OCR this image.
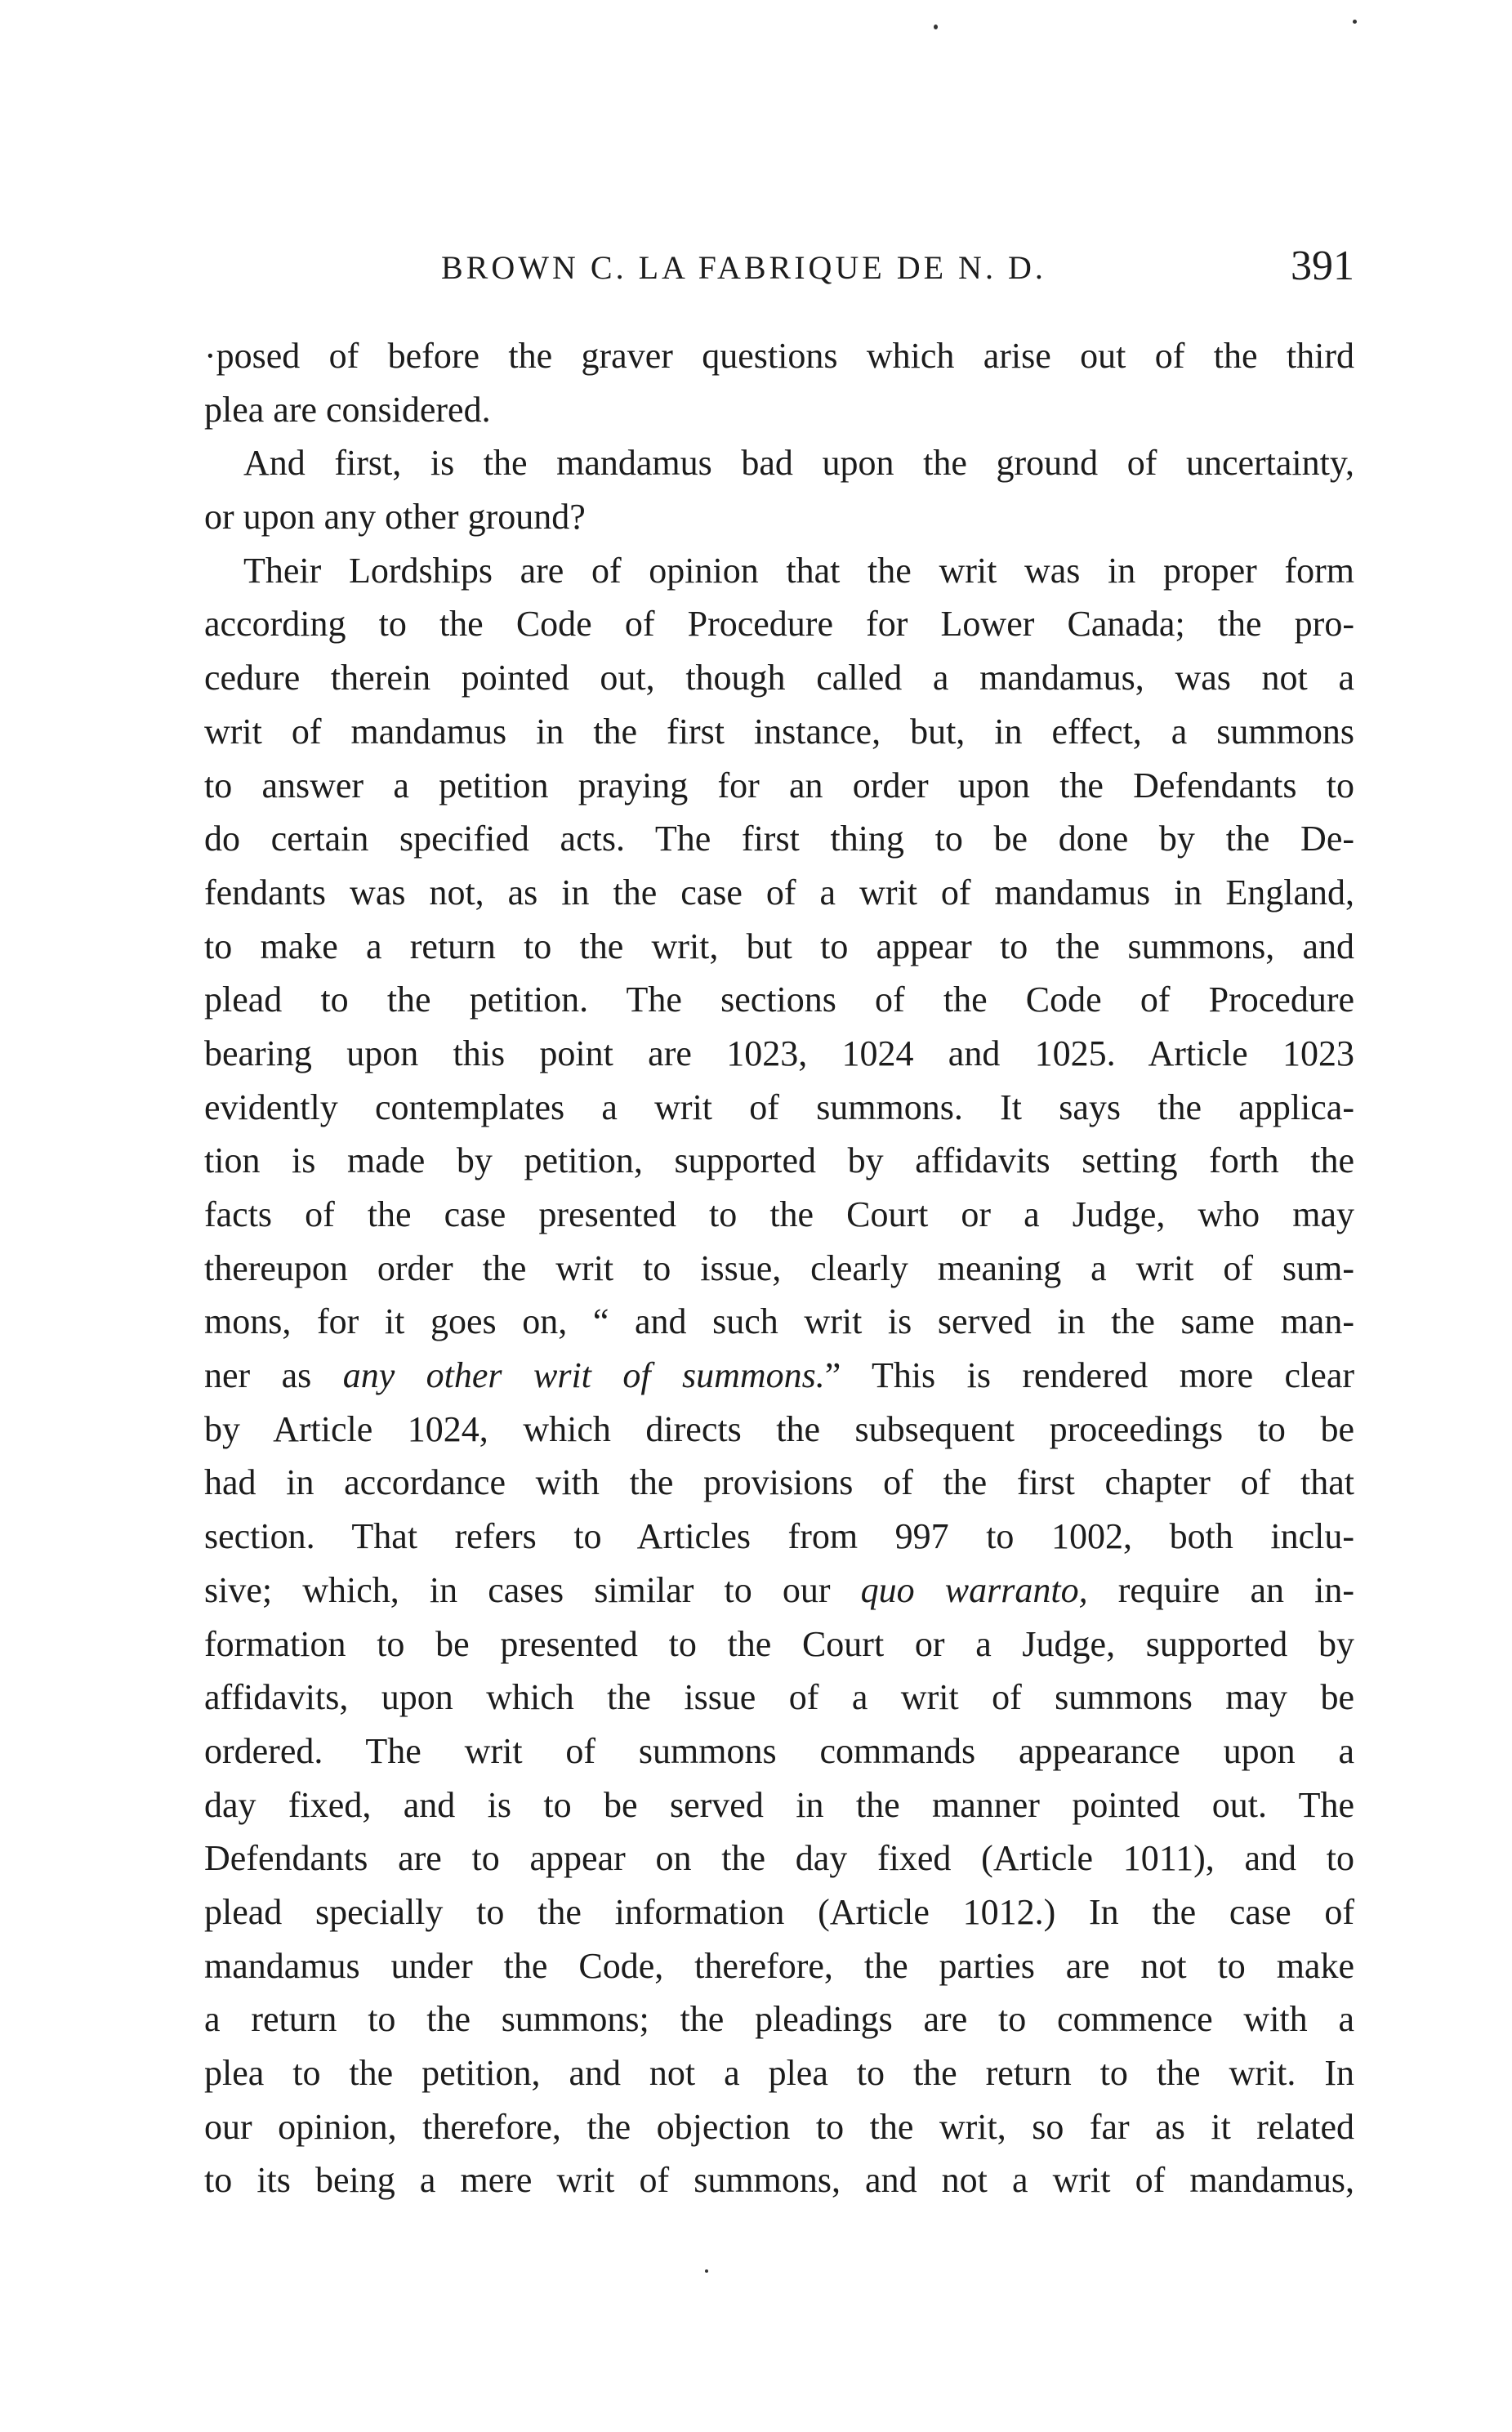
BROWN C. LA FABRIQUE DE N. D.	391
·posed of before the graver questions which arise out of the third
plea are considered.
And first, is the mandamus bad upon the ground of uncertainty,
or upon any other ground?
Their Lordships are of opinion that the writ was in proper form
according to the Code of Procedure for Lower Canada; the pro-
cedure therein pointed out, though called a mandamus, was not a
writ of mandamus in the first instance, but, in effect, a summons
to answer a petition praying for an order upon the Defendants to
do certain specified acts. The first thing to be done by the De-
fendants was not, as in the case of a writ of mandamus in England,
to make a return to the writ, but to appear to the summons, and
plead to the petition. The sections of the Code of Procedure
bearing upon this point are 1023, 1024 and 1025. Article 1023
evidently contemplates a writ of summons. It says the applica-
tion is made by petition, supported by affidavits setting forth the
facts of the case presented to the Court or a Judge, who may
thereupon order the writ to issue, clearly meaning a writ of sum-
mons, for it goes on, “ and such writ is served in the same man-
ner as any other writ of summons.” This is rendered more clear
by Article 1024, which directs the subsequent proceedings to be
had in accordance with the provisions of the first chapter of that
section. That refers to Articles from 997 to 1002, both inclu-
sive; which, in cases similar to our quo warranto, require an in-
formation to be presented to the Court or a Judge, supported by
affidavits, upon which the issue of a writ of summons may be
ordered. The writ of summons commands appearance upon a
day fixed, and is to be served in the manner pointed out. The
Defendants are to appear on the day fixed (Article 1011), and to
plead specially to the information (Article 1012.) In the case of
mandamus under the Code, therefore, the parties are not to make
a return to the summons; the pleadings are to commence with a
plea to the petition, and not a plea to the return to the writ. In
our opinion, therefore, the objection to the writ, so far as it related
to its being a mere writ of summons, and not a writ of mandamus,
